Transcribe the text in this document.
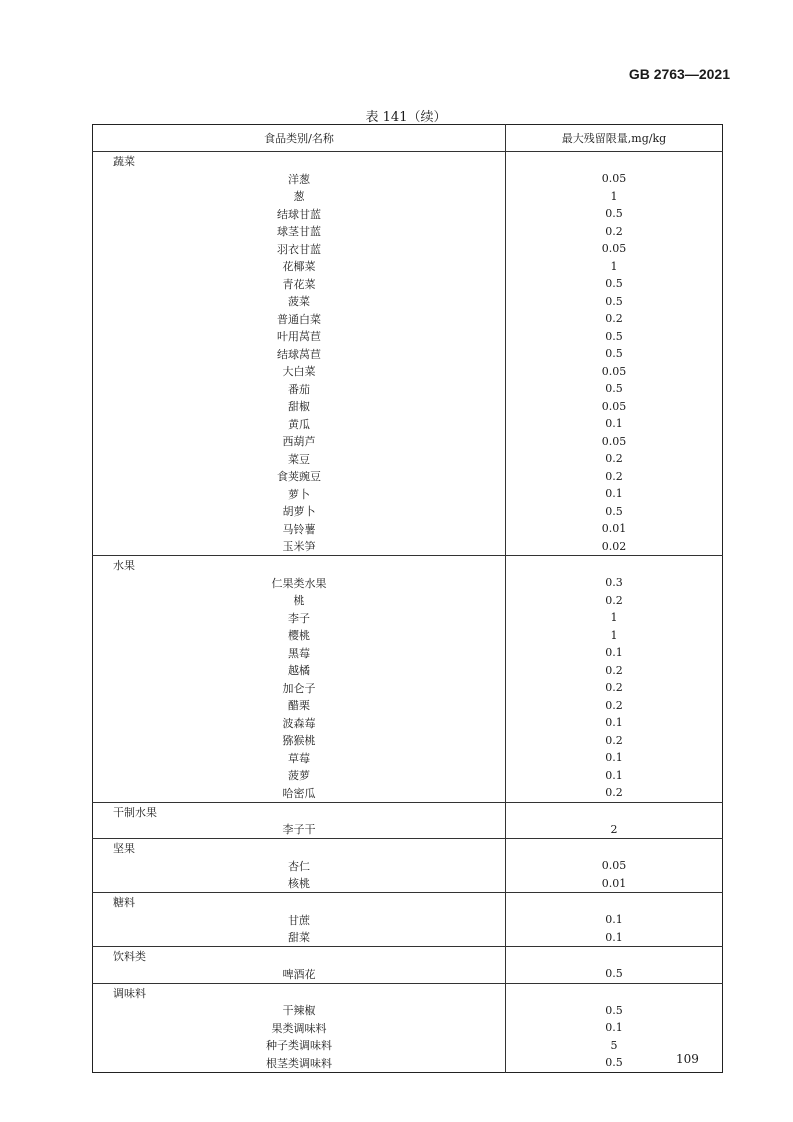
GB 2763—2021
表 141（续）
食品类别/名称	最大残留限量,mg/kg
蔬菜	
洋葱	0.05
葱	1
结球甘蓝	0.5
球茎甘蓝	0.2
羽衣甘蓝	0.05
花椰菜	1
青花菜	0.5
菠菜	0.5
普通白菜	0.2
叶用莴苣	0.5
结球莴苣	0.5
大白菜	0.05
番茄	0.5
甜椒	0.05
黄瓜	0.1
西葫芦	0.05
菜豆	0.2
食荚豌豆	0.2
萝卜	0.1
胡萝卜	0.5
马铃薯	0.01
玉米笋	0.02
水果	
仁果类水果	0.3
桃	0.2
李子	1
樱桃	1
黑莓	0.1
越橘	0.2
加仑子	0.2
醋栗	0.2
波森莓	0.1
猕猴桃	0.2
草莓	0.1
菠萝	0.1
哈密瓜	0.2
干制水果	
李子干	2
坚果	
杏仁	0.05
核桃	0.01
糖料	
甘蔗	0.1
甜菜	0.1
饮料类	
啤酒花	0.5
调味料	
干辣椒	0.5
果类调味料	0.1
种子类调味料	5
根茎类调味料	0.5	109
